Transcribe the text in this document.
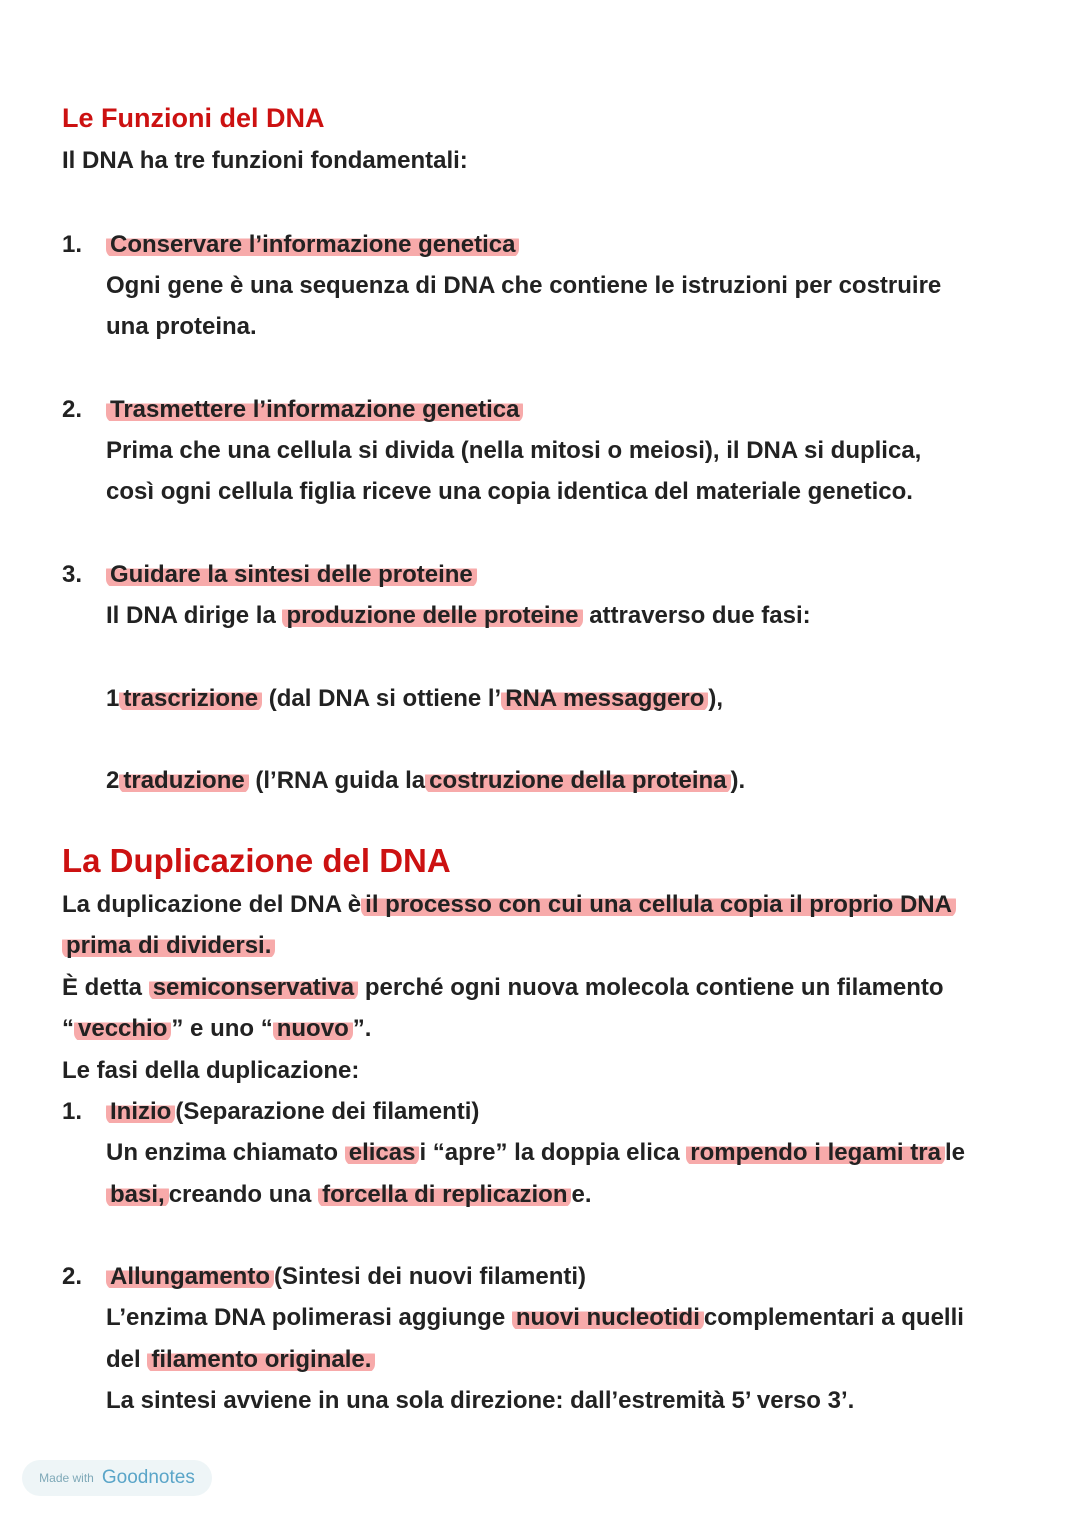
Le Funzioni del DNA
Il DNA ha tre funzioni fondamentali:
1. Conservare l’informazione genetica
Ogni gene è una sequenza di DNA che contiene le istruzioni per costruire
una proteina.
2. Trasmettere l’informazione genetica
Prima che una cellula si divida (nella mitosi o meiosi), il DNA si duplica,
così ogni cellula figlia riceve una copia identica del materiale genetico.
3. Guidare la sintesi delle proteine
Il DNA dirige la produzione delle proteine attraverso due fasi:
1 trascrizione (dal DNA si ottiene l’ RNA messaggero ),
2 traduzione (l’RNA guida la costruzione della proteina ).
La Duplicazione del DNA
La duplicazione del DNA è il processo con cui una cellula copia il proprio DNA
prima di dividersi.
È detta semiconservativa perché ogni nuova molecola contiene un filamento
“ vecchio ” e uno “ nuovo ”.
Le fasi della duplicazione:
1. Inizio (Separazione dei filamenti)
Un enzima chiamato elicas i “apre” la doppia elica rompendo i legami tra le
basi, creando una forcella di replicazion e.
2. Allungamento (Sintesi dei nuovi filamenti)
L’enzima DNA polimerasi aggiunge nuovi nucleotidi complementari a quelli
del filamento originale.
La sintesi avviene in una sola direzione: dall’estremità 5’ verso 3’.
Made with Goodnotes
